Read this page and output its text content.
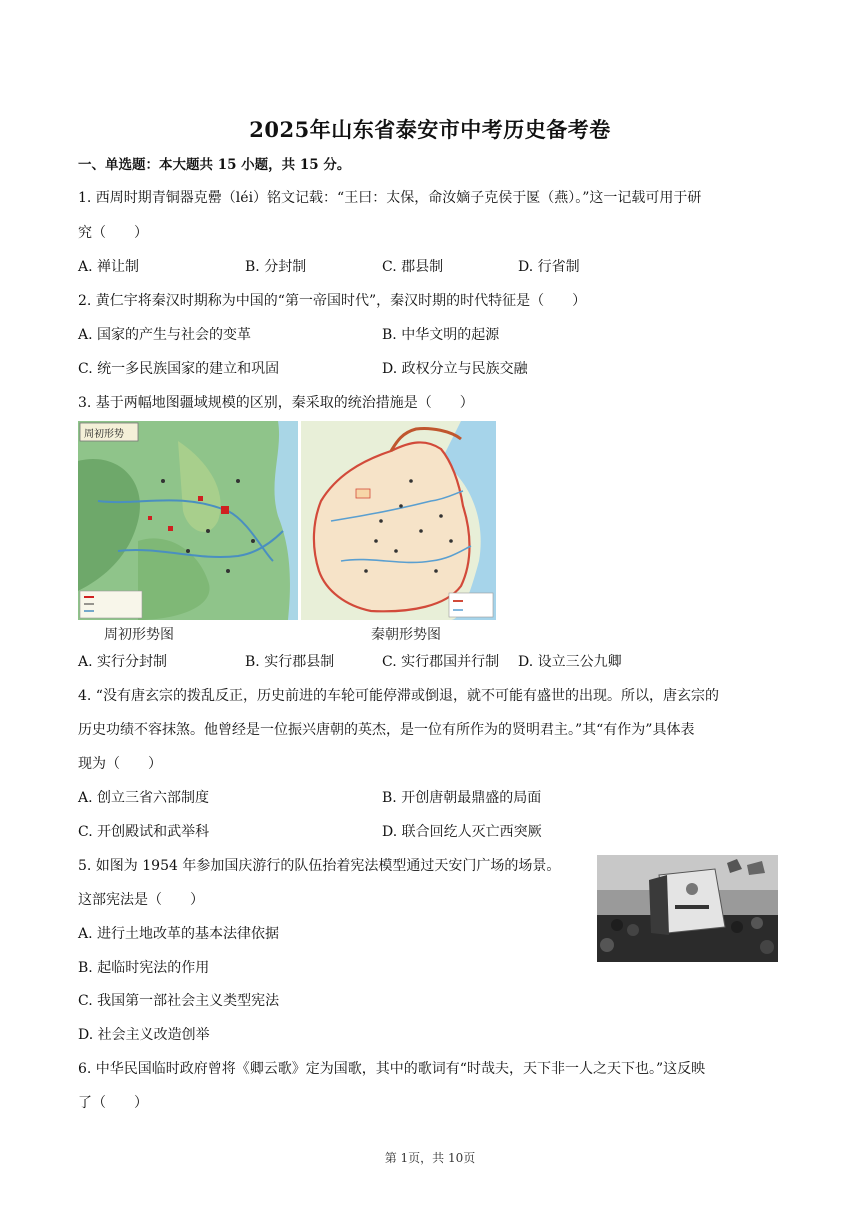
2025年山东省泰安市中考历史备考卷
一、单选题：本大题共 15 小题，共 15 分。
1. 西周时期青铜器克罍（léi）铭文记载：“王曰：太保，命汝嫡子克侯于匽（燕）。”这一记载可用于研
究（　　）
A. 禅让制	B. 分封制	C. 郡县制	D. 行省制
2. 黄仁宇将秦汉时期称为中国的“第一帝国时代”，秦汉时期的时代特征是（　　）
A. 国家的产生与社会的变革	B. 中华文明的起源
C. 统一多民族国家的建立和巩固	D. 政权分立与民族交融
3. 基于两幅地图疆域规模的区别，秦采取的统治措施是（　　）
周初形势
周初形势图	秦朝形势图
A. 实行分封制	B. 实行郡县制	C. 实行郡国并行制 D. 设立三公九卿
4. “没有唐玄宗的拨乱反正，历史前进的车轮可能停滞或倒退，就不可能有盛世的出现。所以，唐玄宗的
历史功绩不容抹煞。他曾经是一位振兴唐朝的英杰，是一位有所作为的贤明君主。”其“有作为”具体表
现为（　　）
A. 创立三省六部制度	B. 开创唐朝最鼎盛的局面
C. 开创殿试和武举科	D. 联合回纥人灭亡西突厥
5. 如图为 1954 年参加国庆游行的队伍抬着宪法模型通过天安门广场的场景。
这部宪法是（　　）
A. 进行土地改革的基本法律依据
B. 起临时宪法的作用
C. 我国第一部社会主义类型宪法
D. 社会主义改造创举
6. 中华民国临时政府曾将《卿云歌》定为国歌，其中的歌词有“时哉夫，天下非一人之天下也。”这反映
了（　　）
第 1页，共 10页
